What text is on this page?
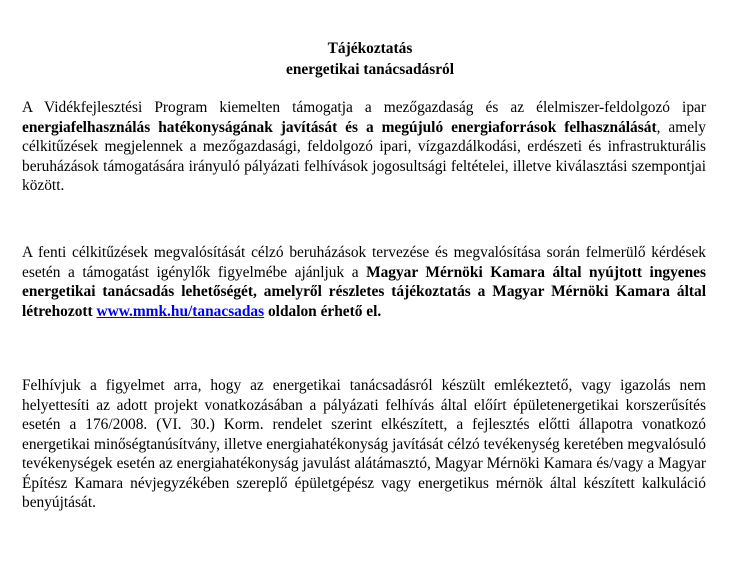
Tájékoztatás
energetikai tanácsadásról

A Vidékfejlesztési Program kiemelten támogatja a mezőgazdaság és az élelmiszer-feldolgozó ipar energiafelhasználás hatékonyságának javítását és a megújuló energiaforrások felhasználását, amely célkitűzések megjelennek a mezőgazdasági, feldolgozó ipari, vízgazdálkodási, erdészeti és infrastrukturális beruházások támogatására irányuló pályázati felhívások jogosultsági feltételei, illetve kiválasztási szempontjai között.

A fenti célkitűzések megvalósítását célzó beruházások tervezése és megvalósítása során felmerülő kérdések esetén a támogatást igénylők figyelmébe ajánljuk a Magyar Mérnöki Kamara által nyújtott ingyenes energetikai tanácsadás lehetőségét, amelyről részletes tájékoztatás a Magyar Mérnöki Kamara által létrehozott www.mmk.hu/tanacsadas oldalon érhető el.

Felhívjuk a figyelmet arra, hogy az energetikai tanácsadásról készült emlékeztető, vagy igazolás nem helyettesíti az adott projekt vonatkozásában a pályázati felhívás által előírt épületenergetikai korszerűsítés esetén a 176/2008. (VI. 30.) Korm. rendelet szerint elkészített, a fejlesztés előtti állapotra vonatkozó energetikai minőségtanúsítvány, illetve energiahatékonyság javítását célzó tevékenység keretében megvalósuló tevékenységek esetén az energiahatékonyság javulást alátámasztó, Magyar Mérnöki Kamara és/vagy a Magyar Építész Kamara névjegyzékében szereplő épületgépész vagy energetikus mérnök által készített kalkuláció benyújtását.
